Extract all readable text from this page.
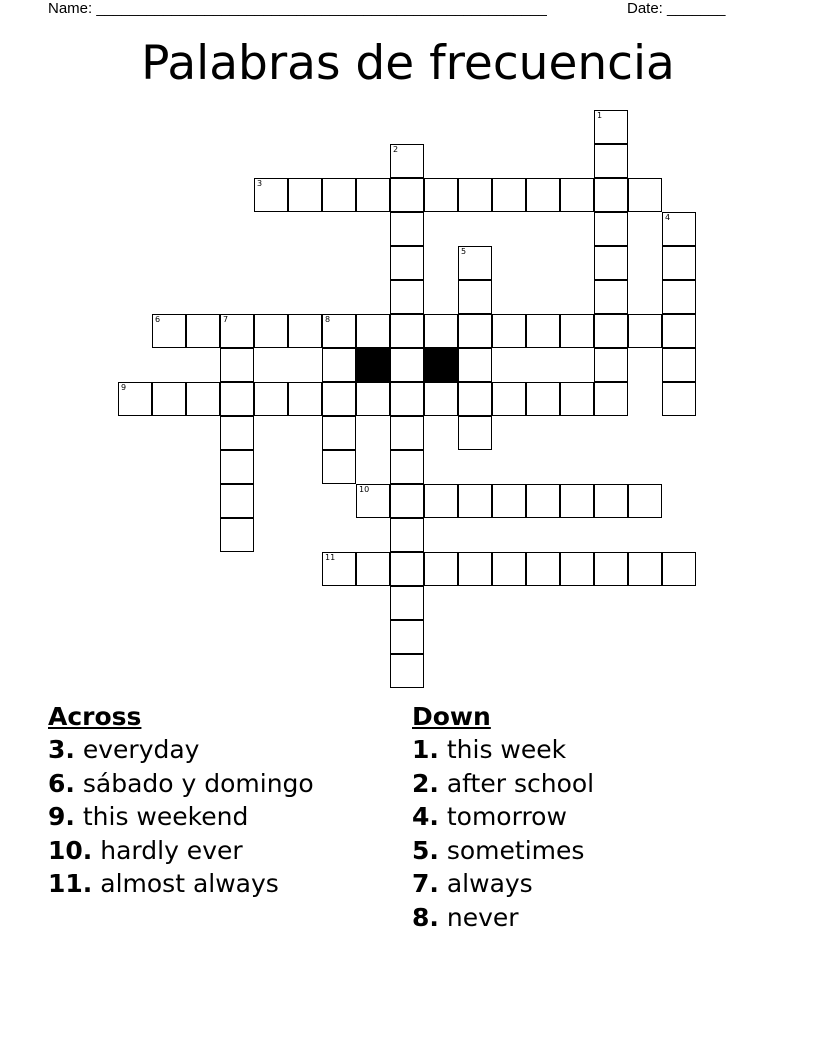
Name: ______________________________________________________	Date: _______
Palabras de frecuencia
1
2
3
4
5
6	7	8
9
10
11
Across
3. everyday
6. sábado y domingo
9. this weekend
10. hardly ever
11. almost always
Down
1. this week
2. after school
4. tomorrow
5. sometimes
7. always
8. never
